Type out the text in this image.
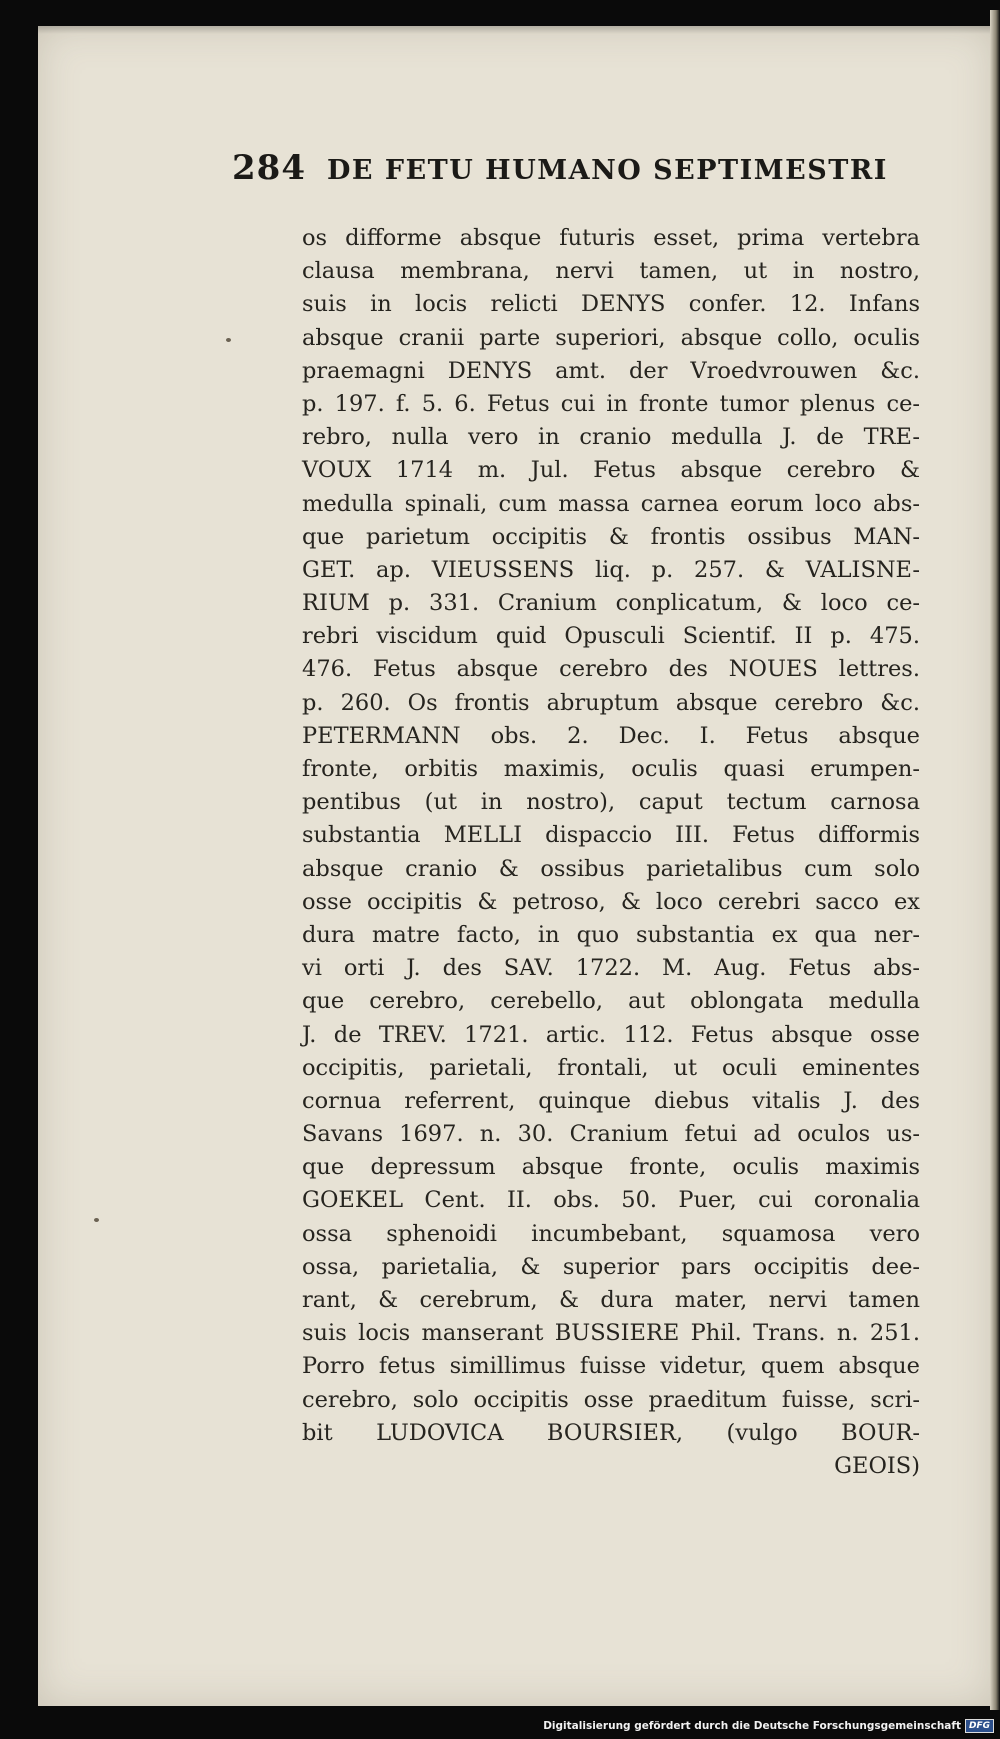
284 DE FETU HUMANO SEPTIMESTRI
os difforme absque futuris esset, prima vertebra
clausa membrana, nervi tamen, ut in nostro,
suis in locis relicti DENYS confer. 12. Infans
absque cranii parte superiori, absque collo, oculis
praemagni DENYS amt. der Vroedvrouwen &c.
p. 197. f. 5. 6. Fetus cui in fronte tumor plenus ce-
rebro, nulla vero in cranio medulla J. de TRE-
VOUX 1714 m. Jul. Fetus absque cerebro &
medulla spinali, cum massa carnea eorum loco abs-
que parietum occipitis & frontis ossibus MAN-
GET. ap. VIEUSSENS liq. p. 257. & VALISNE-
RIUM p. 331. Cranium conplicatum, & loco ce-
rebri viscidum quid Opusculi Scientif. II p. 475.
476. Fetus absque cerebro des NOUES lettres.
p. 260. Os frontis abruptum absque cerebro &c.
PETERMANN obs. 2. Dec. I. Fetus absque
fronte, orbitis maximis, oculis quasi erumpen-
pentibus (ut in nostro), caput tectum carnosa
substantia MELLI dispaccio III. Fetus difformis
absque cranio & ossibus parietalibus cum solo
osse occipitis & petroso, & loco cerebri sacco ex
dura matre facto, in quo substantia ex qua ner-
vi orti J. des SAV. 1722. M. Aug. Fetus abs-
que cerebro, cerebello, aut oblongata medulla
J. de TREV. 1721. artic. 112. Fetus absque osse
occipitis, parietali, frontali, ut oculi eminentes
cornua referrent, quinque diebus vitalis J. des
Savans 1697. n. 30. Cranium fetui ad oculos us-
que depressum absque fronte, oculis maximis
GOEKEL Cent. II. obs. 50. Puer, cui coronalia
ossa sphenoidi incumbebant, squamosa vero
ossa, parietalia, & superior pars occipitis dee-
rant, & cerebrum, & dura mater, nervi tamen
suis locis manserant BUSSIERE Phil. Trans. n. 251.
Porro fetus simillimus fuisse videtur, quem absque
cerebro, solo occipitis osse praeditum fuisse, scri-
bit LUDOVICA BOURSIER, (vulgo BOUR-
GEOIS)
Digitalisierung gefördert durch die Deutsche Forschungsgemeinschaft DFG
